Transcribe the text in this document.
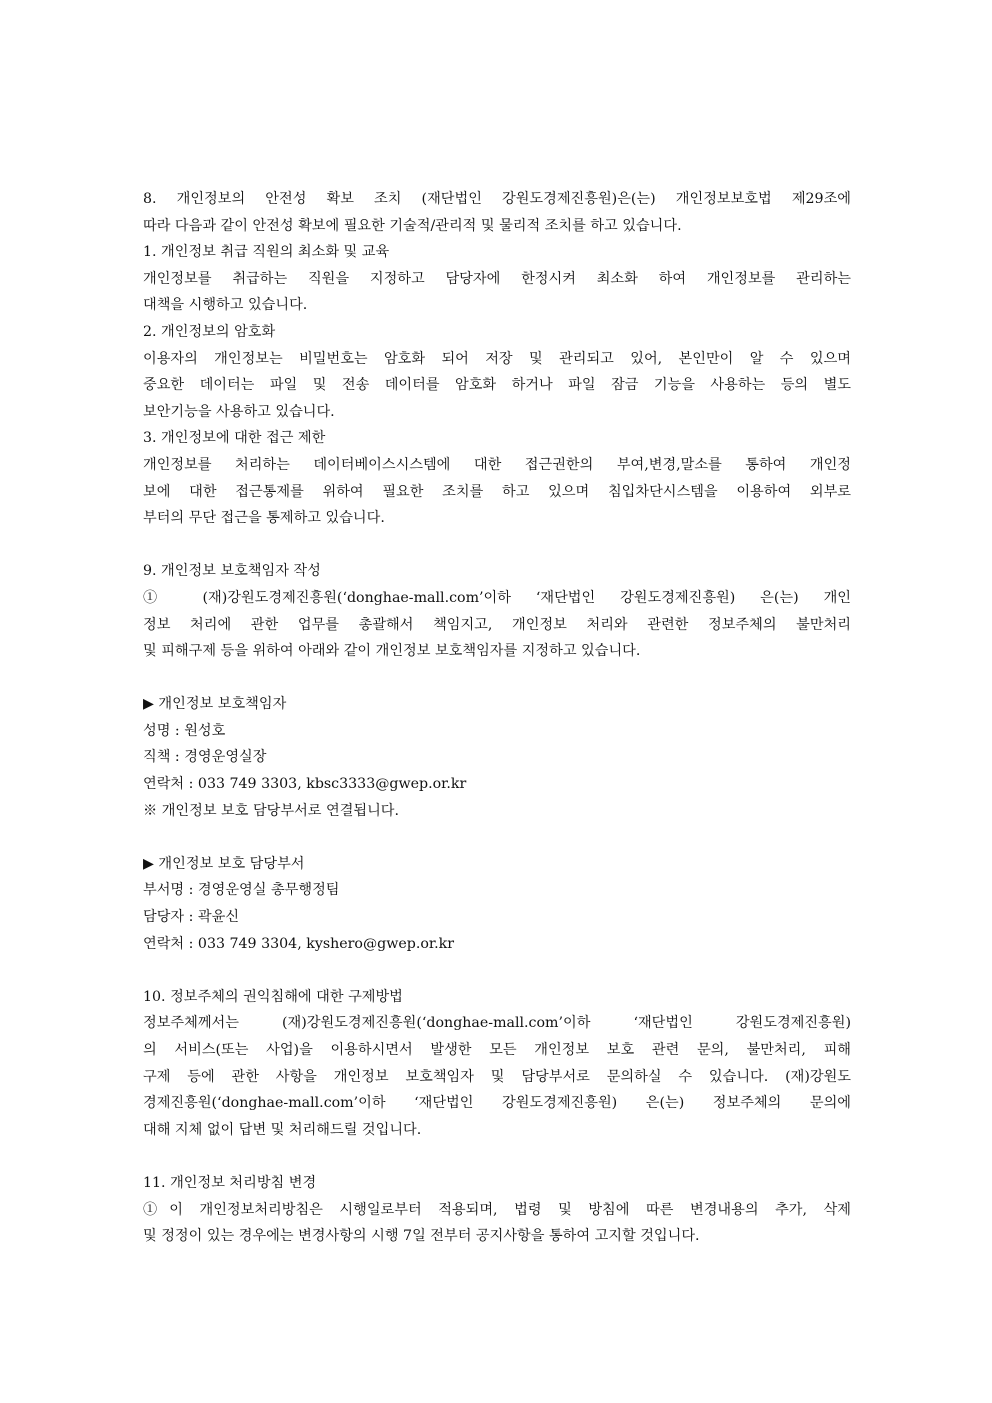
8. 개인정보의 안전성 확보 조치 (재단법인 강원도경제진흥원)은(는) 개인정보보호법 제29조에
따라 다음과 같이 안전성 확보에 필요한 기술적/관리적 및 물리적 조치를 하고 있습니다.
1. 개인정보 취급 직원의 최소화 및 교육
개인정보를 취급하는 직원을 지정하고 담당자에 한정시켜 최소화 하여 개인정보를 관리하는
대책을 시행하고 있습니다.
2. 개인정보의 암호화
이용자의 개인정보는 비밀번호는 암호화 되어 저장 및 관리되고 있어, 본인만이 알 수 있으며
중요한 데이터는 파일 및 전송 데이터를 암호화 하거나 파일 잠금 기능을 사용하는 등의 별도
보안기능을 사용하고 있습니다.
3. 개인정보에 대한 접근 제한
개인정보를 처리하는 데이터베이스시스템에 대한 접근권한의 부여,변경,말소를 통하여 개인정
보에 대한 접근통제를 위하여 필요한 조치를 하고 있으며 침입차단시스템을 이용하여 외부로
부터의 무단 접근을 통제하고 있습니다.
9. 개인정보 보호책임자 작성
① (재)강원도경제진흥원(‘donghae-mall.com’이하 ‘재단법인 강원도경제진흥원) 은(는) 개인
정보 처리에 관한 업무를 총괄해서 책임지고, 개인정보 처리와 관련한 정보주체의 불만처리
및 피해구제 등을 위하여 아래와 같이 개인정보 보호책임자를 지정하고 있습니다.
▶ 개인정보 보호책임자
성명 : 원성호
직책 : 경영운영실장
연락처 : 033 749 3303, kbsc3333@gwep.or.kr
※ 개인정보 보호 담당부서로 연결됩니다.
▶ 개인정보 보호 담당부서
부서명 : 경영운영실 총무행정팀
담당자 : 곽윤신
연락처 : 033 749 3304, kyshero@gwep.or.kr
10. 정보주체의 권익침해에 대한 구제방법
정보주체께서는 (재)강원도경제진흥원(‘donghae-mall.com’이하 ‘재단법인 강원도경제진흥원)
의 서비스(또는 사업)을 이용하시면서 발생한 모든 개인정보 보호 관련 문의, 불만처리, 피해
구제 등에 관한 사항을 개인정보 보호책임자 및 담당부서로 문의하실 수 있습니다. (재)강원도
경제진흥원(‘donghae-mall.com’이하 ‘재단법인 강원도경제진흥원) 은(는) 정보주체의 문의에
대해 지체 없이 답변 및 처리해드릴 것입니다.
11. 개인정보 처리방침 변경
①이 개인정보처리방침은 시행일로부터 적용되며, 법령 및 방침에 따른 변경내용의 추가, 삭제
및 정정이 있는 경우에는 변경사항의 시행 7일 전부터 공지사항을 통하여 고지할 것입니다.
